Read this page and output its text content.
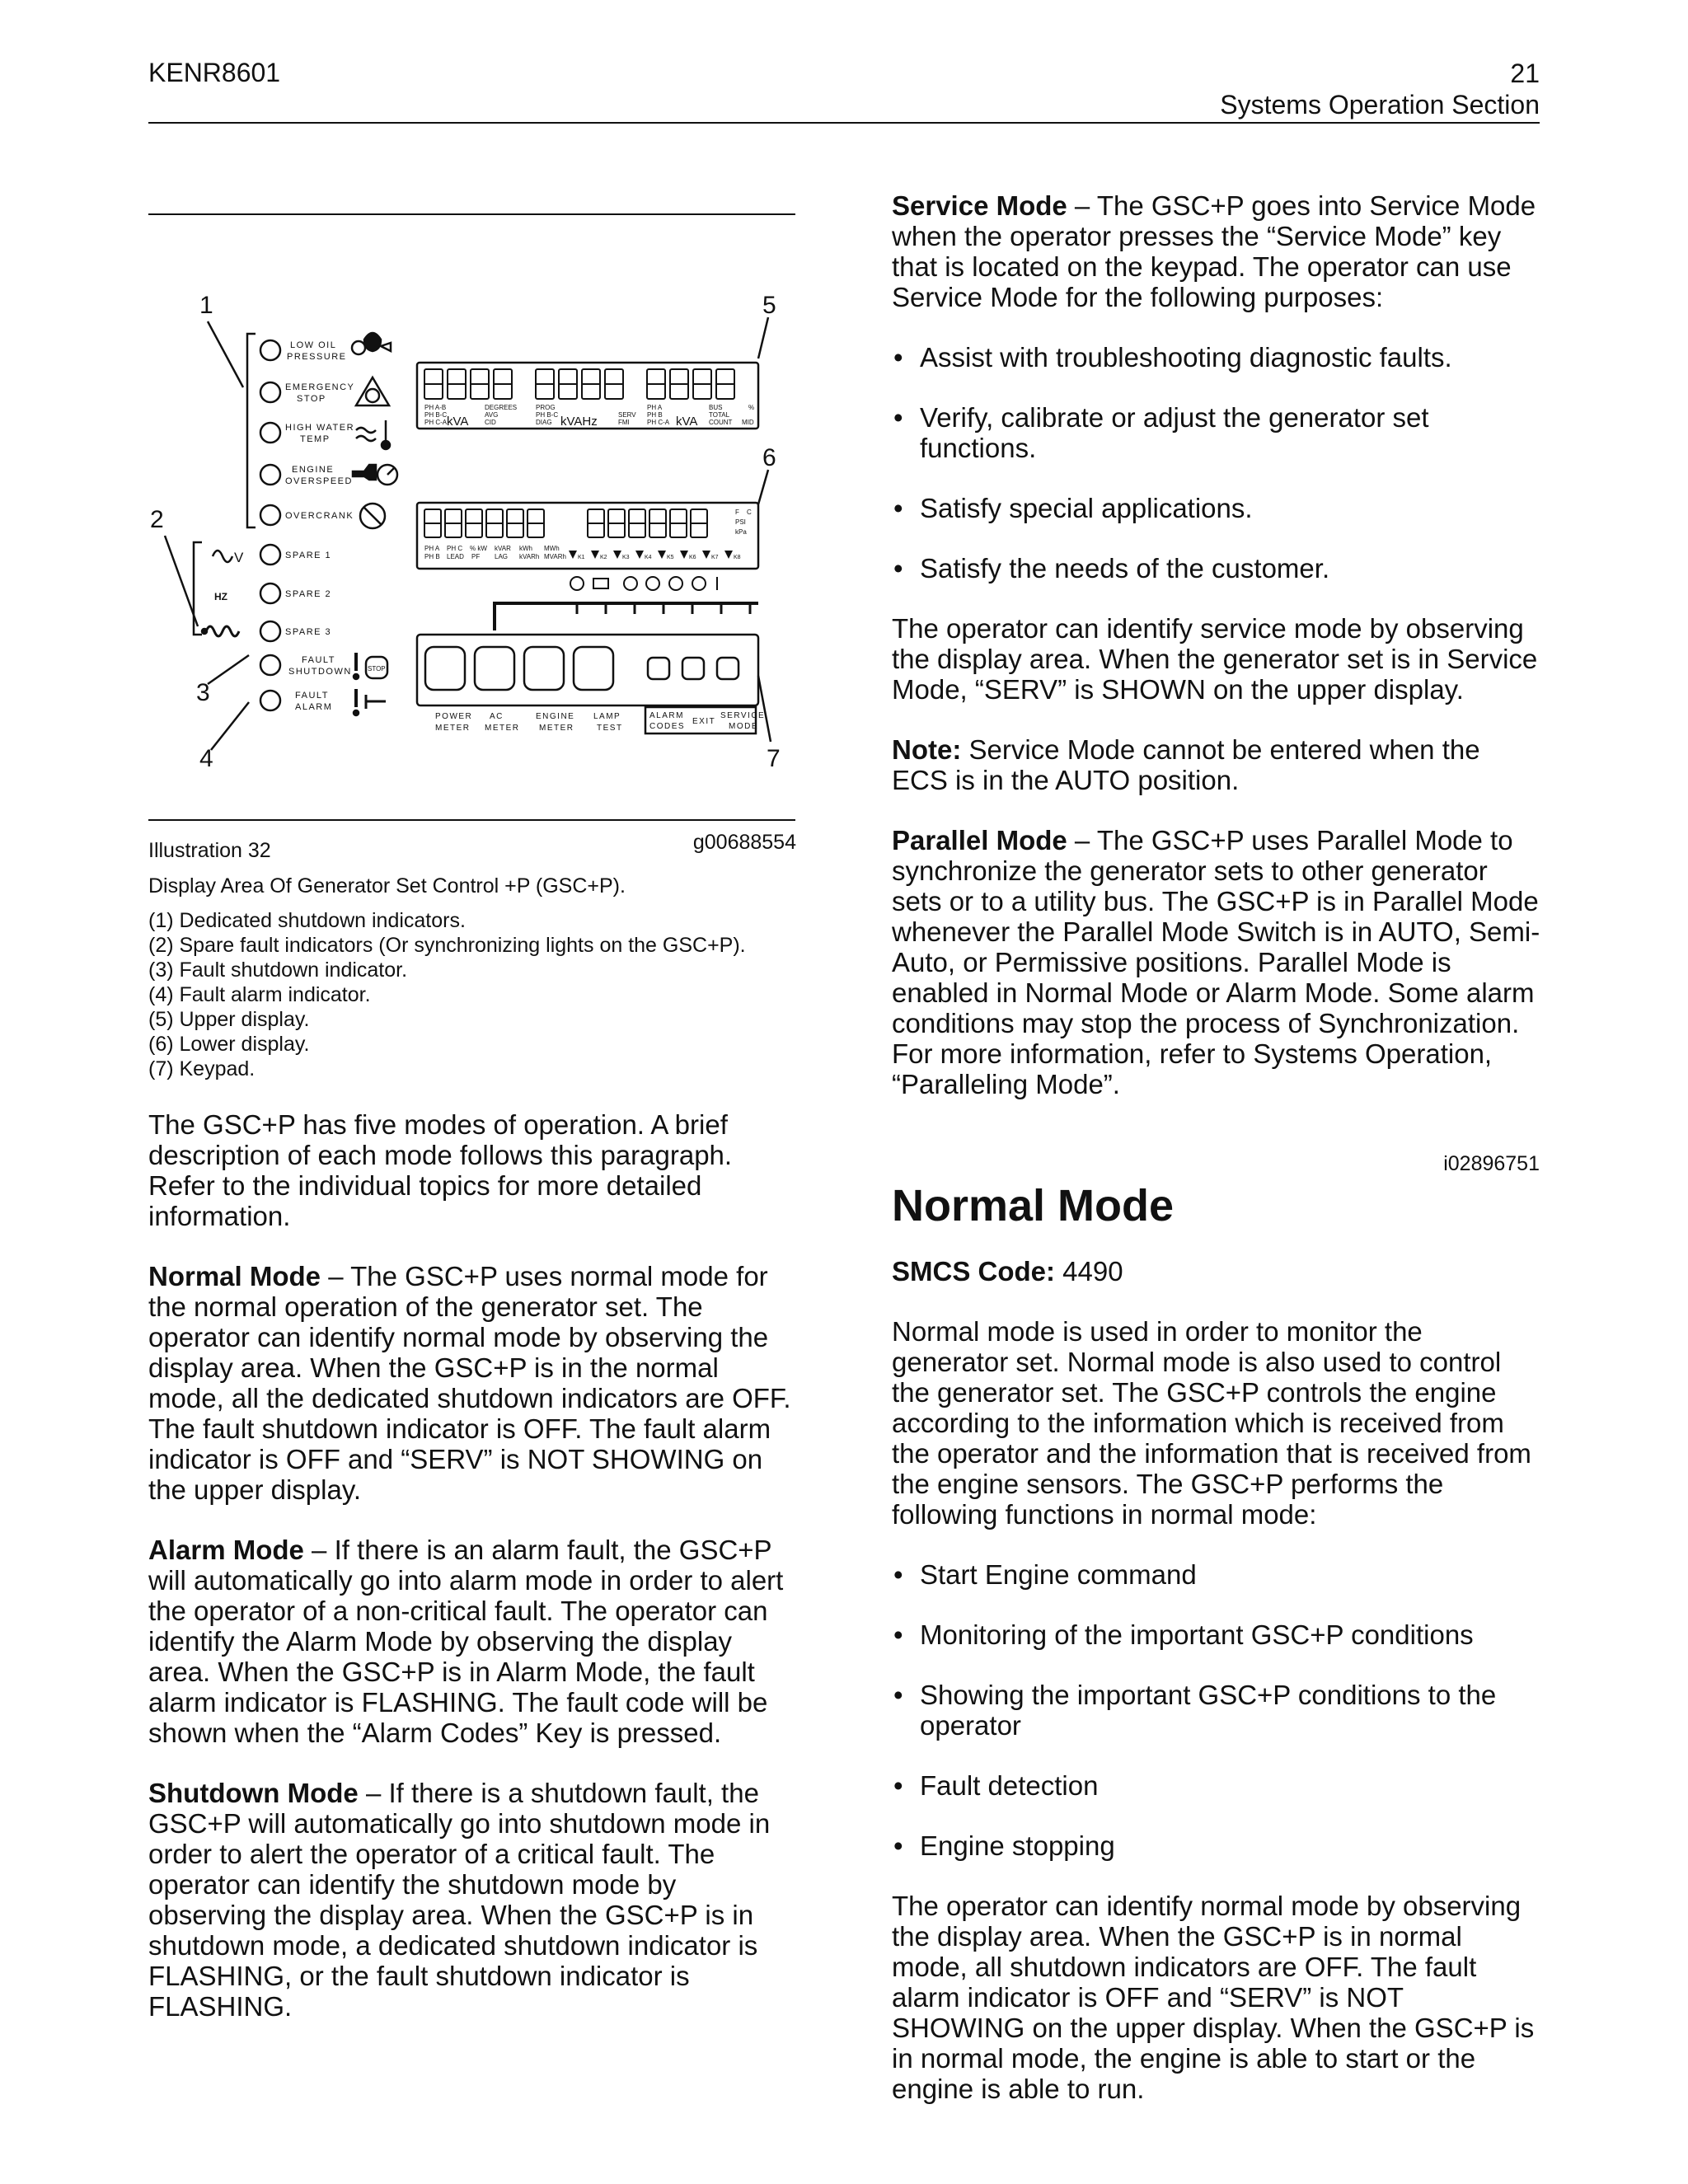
KENR8601	21
Systems Operation Section
1
2
3
4
5
6
7
LOW OIL
PRESSURE
EMERGENCY
STOP
HIGH WATER
TEMP
ENGINE
OVERSPEED
OVERCRANK
SPARE 1
SPARE 2
SPARE 3
FAULT
SHUTDOWN
FAULT
ALARM
V
HZ
STOP
PH A-B	DEGREES	PROG	PH A	BUS	%
PH B-C	AVG	PH B-C	PH B	TOTAL
PH C-A kVA CID	DIAG kVAHz	SERV
FMI	PH C-A kVA COUNT MID
F C
PSI
kPa
PH A PH C % kW kVAR kWh MWh
PH B LEAD PF LAG kVARh MVARh K1	K2	K3	K4	K5	K6	K7	K8
POWER
METER
AC
METER
ENGINE
METER
LAMP
TEST
ALARM
CODES
EXIT
SERVICE
MODE
Illustration 32	g00688554
Display Area Of Generator Set Control +P (GSC+P).
(1) Dedicated shutdown indicators.
(2) Spare fault indicators (Or synchronizing lights on the GSC+P).
(3) Fault shutdown indicator.
(4) Fault alarm indicator.
(5) Upper display.
(6) Lower display.
(7) Keypad.

The GSC+P has five modes of operation. A brief description of each mode follows this paragraph. Refer to the individual topics for more detailed information.

Normal Mode – The GSC+P uses normal mode for the normal operation of the generator set. The operator can identify normal mode by observing the display area. When the GSC+P is in the normal mode, all the dedicated shutdown indicators are OFF. The fault shutdown indicator is OFF. The fault alarm indicator is OFF and “SERV” is NOT SHOWING on the upper display.

Alarm Mode – If there is an alarm fault, the GSC+P will automatically go into alarm mode in order to alert the operator of a non-critical fault. The operator can identify the Alarm Mode by observing the display area. When the GSC+P is in Alarm Mode, the fault alarm indicator is FLASHING. The fault code will be shown when the “Alarm Codes” Key is pressed.

Shutdown Mode – If there is a shutdown fault, the GSC+P will automatically go into shutdown mode in order to alert the operator of a critical fault. The operator can identify the shutdown mode by observing the display area. When the GSC+P is in shutdown mode, a dedicated shutdown indicator is FLASHING, or the fault shutdown indicator is FLASHING.

Service Mode – The GSC+P goes into Service Mode when the operator presses the “Service Mode” key that is located on the keypad. The operator can use Service Mode for the following purposes:

• Assist with troubleshooting diagnostic faults.
• Verify, calibrate or adjust the generator set functions.
• Satisfy special applications.
• Satisfy the needs of the customer.

The operator can identify service mode by observing the display area. When the generator set is in Service Mode, “SERV” is SHOWN on the upper display.

Note: Service Mode cannot be entered when the ECS is in the AUTO position.

Parallel Mode – The GSC+P uses Parallel Mode to synchronize the generator sets to other generator sets or to a utility bus. The GSC+P is in Parallel Mode whenever the Parallel Mode Switch is in AUTO, Semi-Auto, or Permissive positions. Parallel Mode is enabled in Normal Mode or Alarm Mode. Some alarm conditions may stop the process of Synchronization. For more information, refer to Systems Operation, “Paralleling Mode”.

i02896751
Normal Mode

SMCS Code: 4490

Normal mode is used in order to monitor the generator set. Normal mode is also used to control the generator set. The GSC+P controls the engine according to the information which is received from the operator and the information that is received from the engine sensors. The GSC+P performs the following functions in normal mode:

• Start Engine command
• Monitoring of the important GSC+P conditions
• Showing the important GSC+P conditions to the operator
• Fault detection
• Engine stopping

The operator can identify normal mode by observing the display area. When the GSC+P is in normal mode, all shutdown indicators are OFF. The fault alarm indicator is OFF and “SERV” is NOT SHOWING on the upper display. When the GSC+P is in normal mode, the engine is able to start or the engine is able to run.
